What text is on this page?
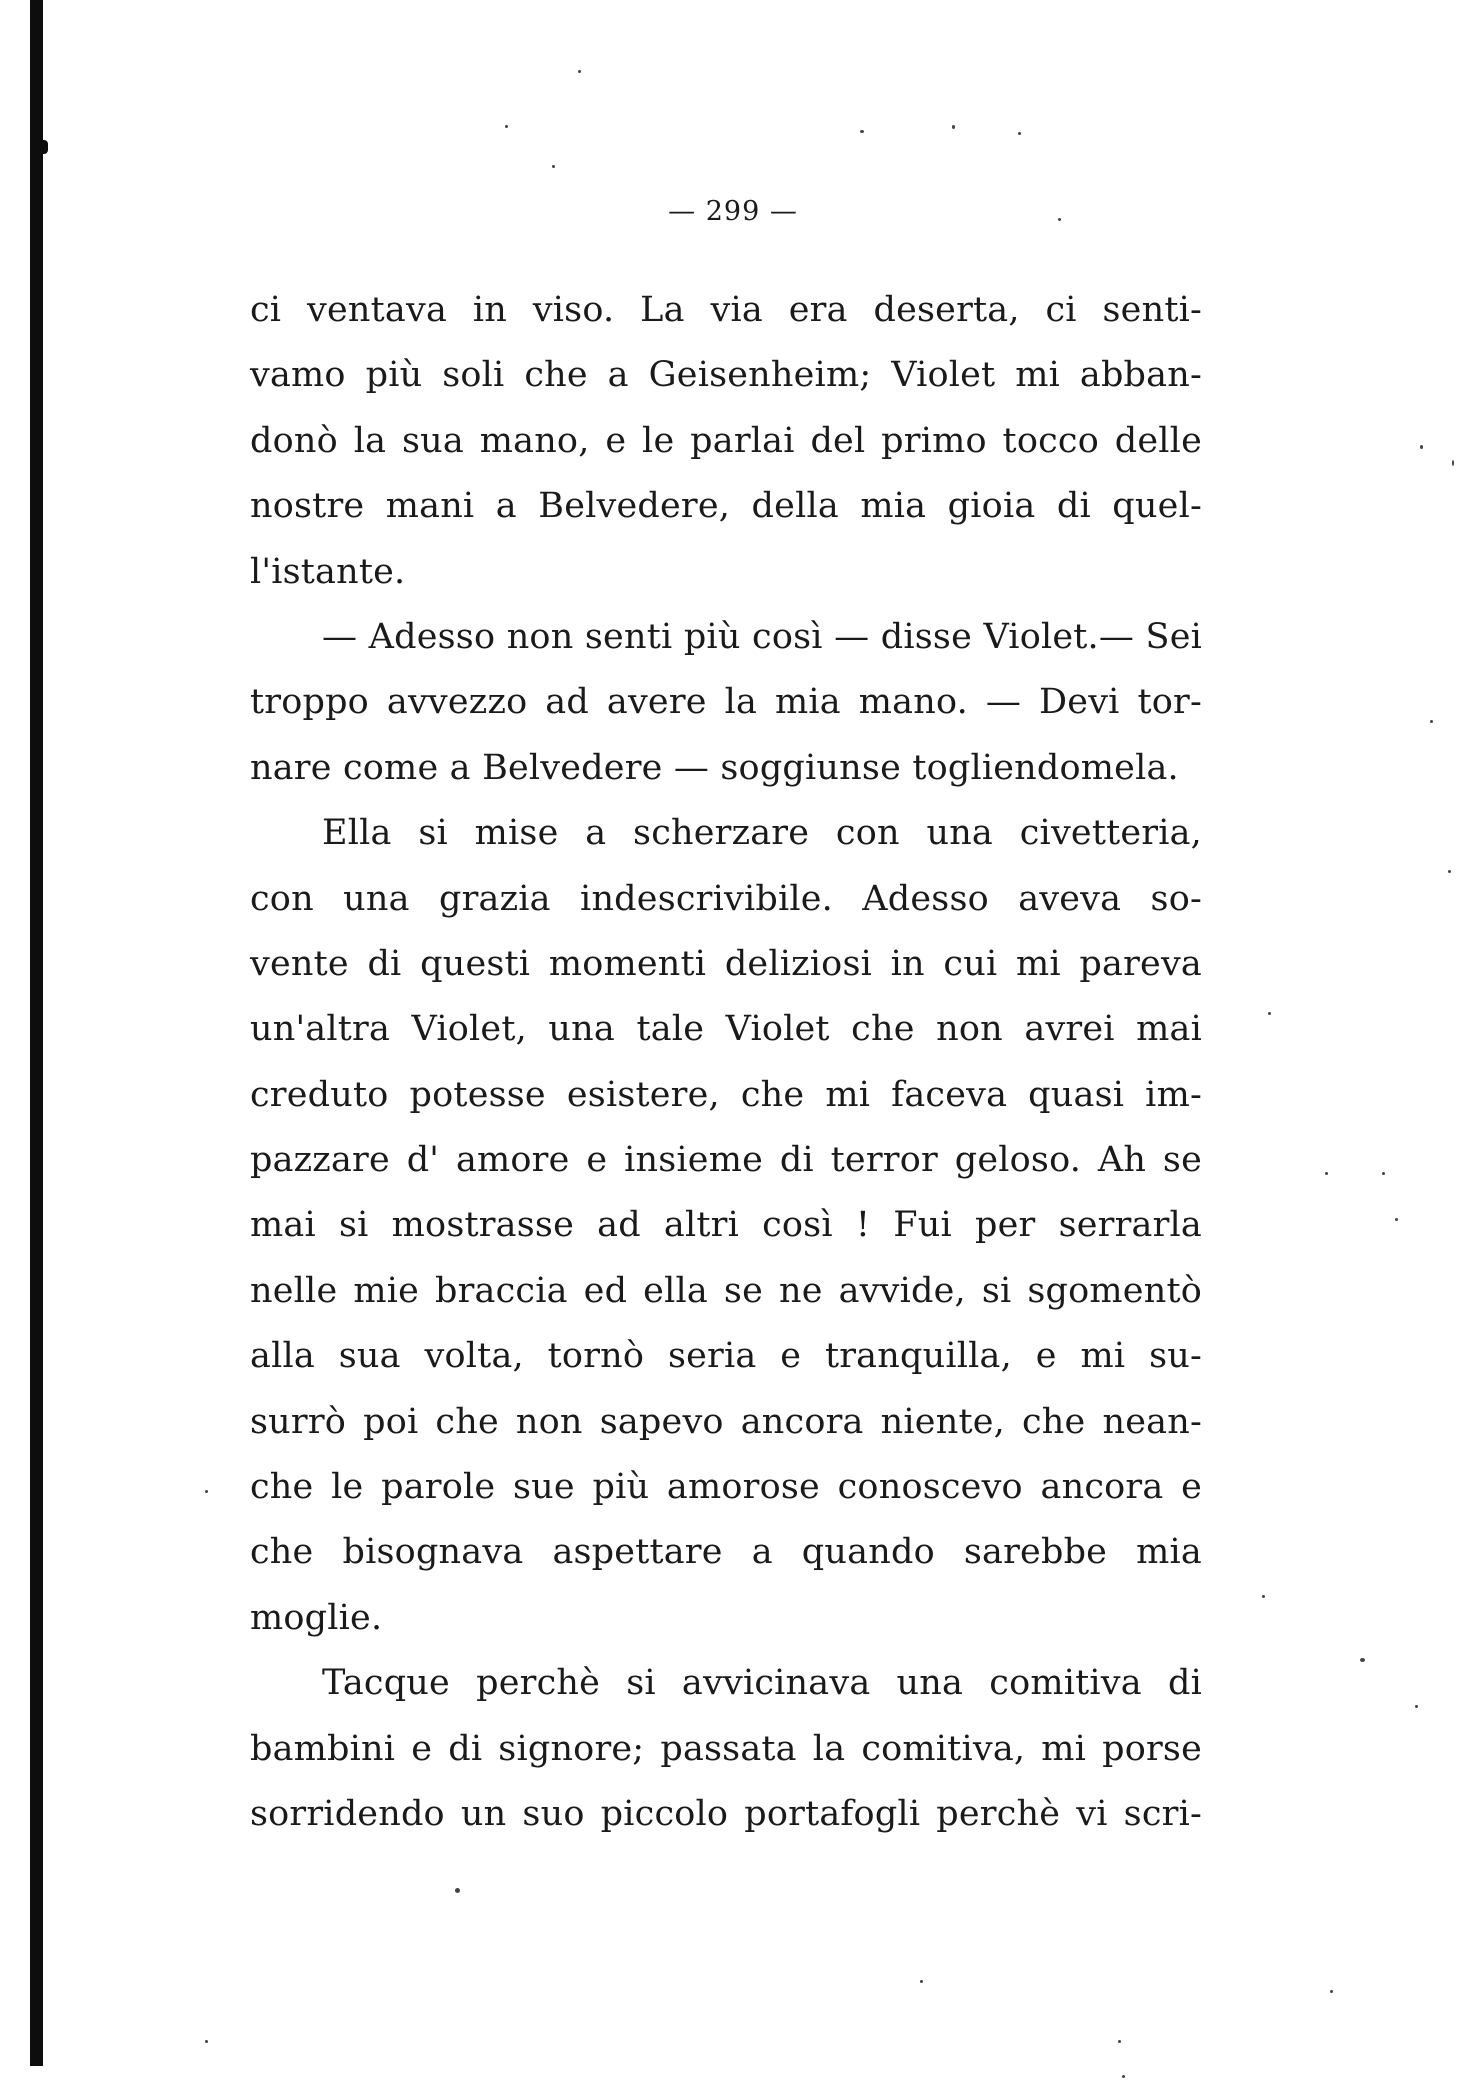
— 299 —
ci ventava in viso. La via era deserta, ci senti-
vamo più soli che a Geisenheim; Violet mi abban-
donò la sua mano, e le parlai del primo tocco delle
nostre mani a Belvedere, della mia gioia di quel-
l'istante.
— Adesso non senti più così — disse Violet.— Sei
troppo avvezzo ad avere la mia mano. — Devi tor-
nare come a Belvedere — soggiunse togliendomela.
Ella si mise a scherzare con una civetteria,
con una grazia indescrivibile. Adesso aveva so-
vente di questi momenti deliziosi in cui mi pareva
un'altra Violet, una tale Violet che non avrei mai
creduto potesse esistere, che mi faceva quasi im-
pazzare d' amore e insieme di terror geloso. Ah se
mai si mostrasse ad altri così ! Fui per serrarla
nelle mie braccia ed ella se ne avvide, si sgomentò
alla sua volta, tornò seria e tranquilla, e mi su-
surrò poi che non sapevo ancora niente, che nean-
che le parole sue più amorose conoscevo ancora e
che bisognava aspettare a quando sarebbe mia
moglie.
Tacque perchè si avvicinava una comitiva di
bambini e di signore; passata la comitiva, mi porse
sorridendo un suo piccolo portafogli perchè vi scri-
